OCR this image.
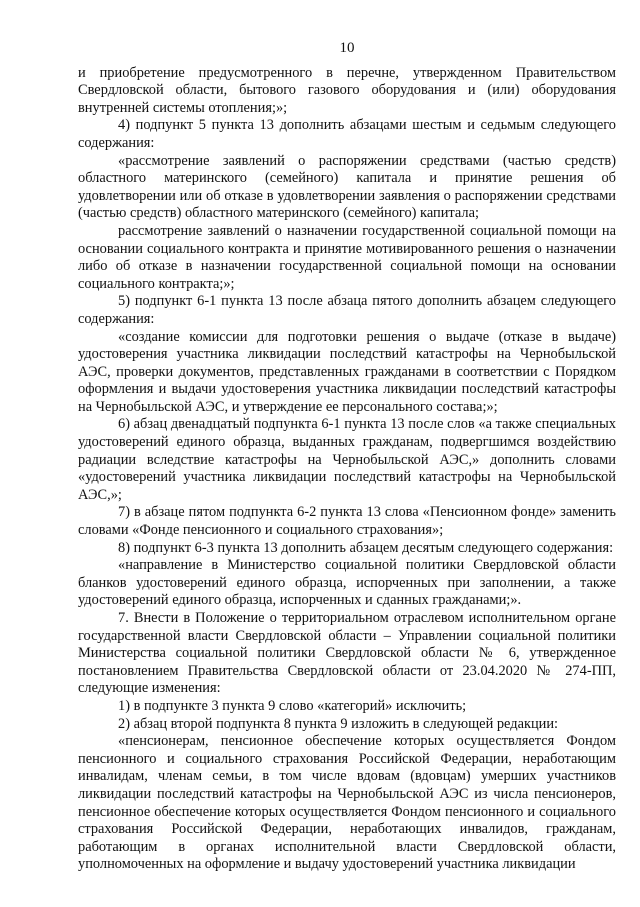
10

и приобретение предусмотренного в перечне, утвержденном Правительством Свердловской области, бытового газового оборудования и (или) оборудования внутренней системы отопления;»;

4) подпункт 5 пункта 13 дополнить абзацами шестым и седьмым следующего содержания:

«рассмотрение заявлений о распоряжении средствами (частью средств) областного материнского (семейного) капитала и принятие решения об удовлетворении или об отказе в удовлетворении заявления о распоряжении средствами (частью средств) областного материнского (семейного) капитала;

рассмотрение заявлений о назначении государственной социальной помощи на основании социального контракта и принятие мотивированного решения о назначении либо об отказе в назначении государственной социальной помощи на основании социального контракта;»;

5) подпункт 6-1 пункта 13 после абзаца пятого дополнить абзацем следующего содержания:

«создание комиссии для подготовки решения о выдаче (отказе в выдаче) удостоверения участника ликвидации последствий катастрофы на Чернобыльской АЭС, проверки документов, представленных гражданами в соответствии с Порядком оформления и выдачи удостоверения участника ликвидации последствий катастрофы на Чернобыльской АЭС, и утверждение ее персонального состава;»;

6) абзац двенадцатый подпункта 6-1 пункта 13 после слов «а также специальных удостоверений единого образца, выданных гражданам, подвергшимся воздействию радиации вследствие катастрофы на Чернобыльской АЭС,» дополнить словами «удостоверений участника ликвидации последствий катастрофы на Чернобыльской АЭС,»;

7) в абзаце пятом подпункта 6-2 пункта 13 слова «Пенсионном фонде» заменить словами «Фонде пенсионного и социального страхования»;

8) подпункт 6-3 пункта 13 дополнить абзацем десятым следующего содержания:

«направление в Министерство социальной политики Свердловской области бланков удостоверений единого образца, испорченных при заполнении, а также удостоверений единого образца, испорченных и сданных гражданами;».

7. Внести в Положение о территориальном отраслевом исполнительном органе государственной власти Свердловской области – Управлении социальной политики Министерства социальной политики Свердловской области № 6, утвержденное постановлением Правительства Свердловской области от 23.04.2020 № 274-ПП, следующие изменения:

1) в подпункте 3 пункта 9 слово «категорий» исключить;

2) абзац второй подпункта 8 пункта 9 изложить в следующей редакции:

«пенсионерам, пенсионное обеспечение которых осуществляется Фондом пенсионного и социального страхования Российской Федерации, неработающим инвалидам, членам семьи, в том числе вдовам (вдовцам) умерших участников ликвидации последствий катастрофы на Чернобыльской АЭС из числа пенсионеров, пенсионное обеспечение которых осуществляется Фондом пенсионного и социального страхования Российской Федерации, неработающих инвалидов, гражданам, работающим в органах исполнительной власти Свердловской области, уполномоченных на оформление и выдачу удостоверений участника ликвидации
